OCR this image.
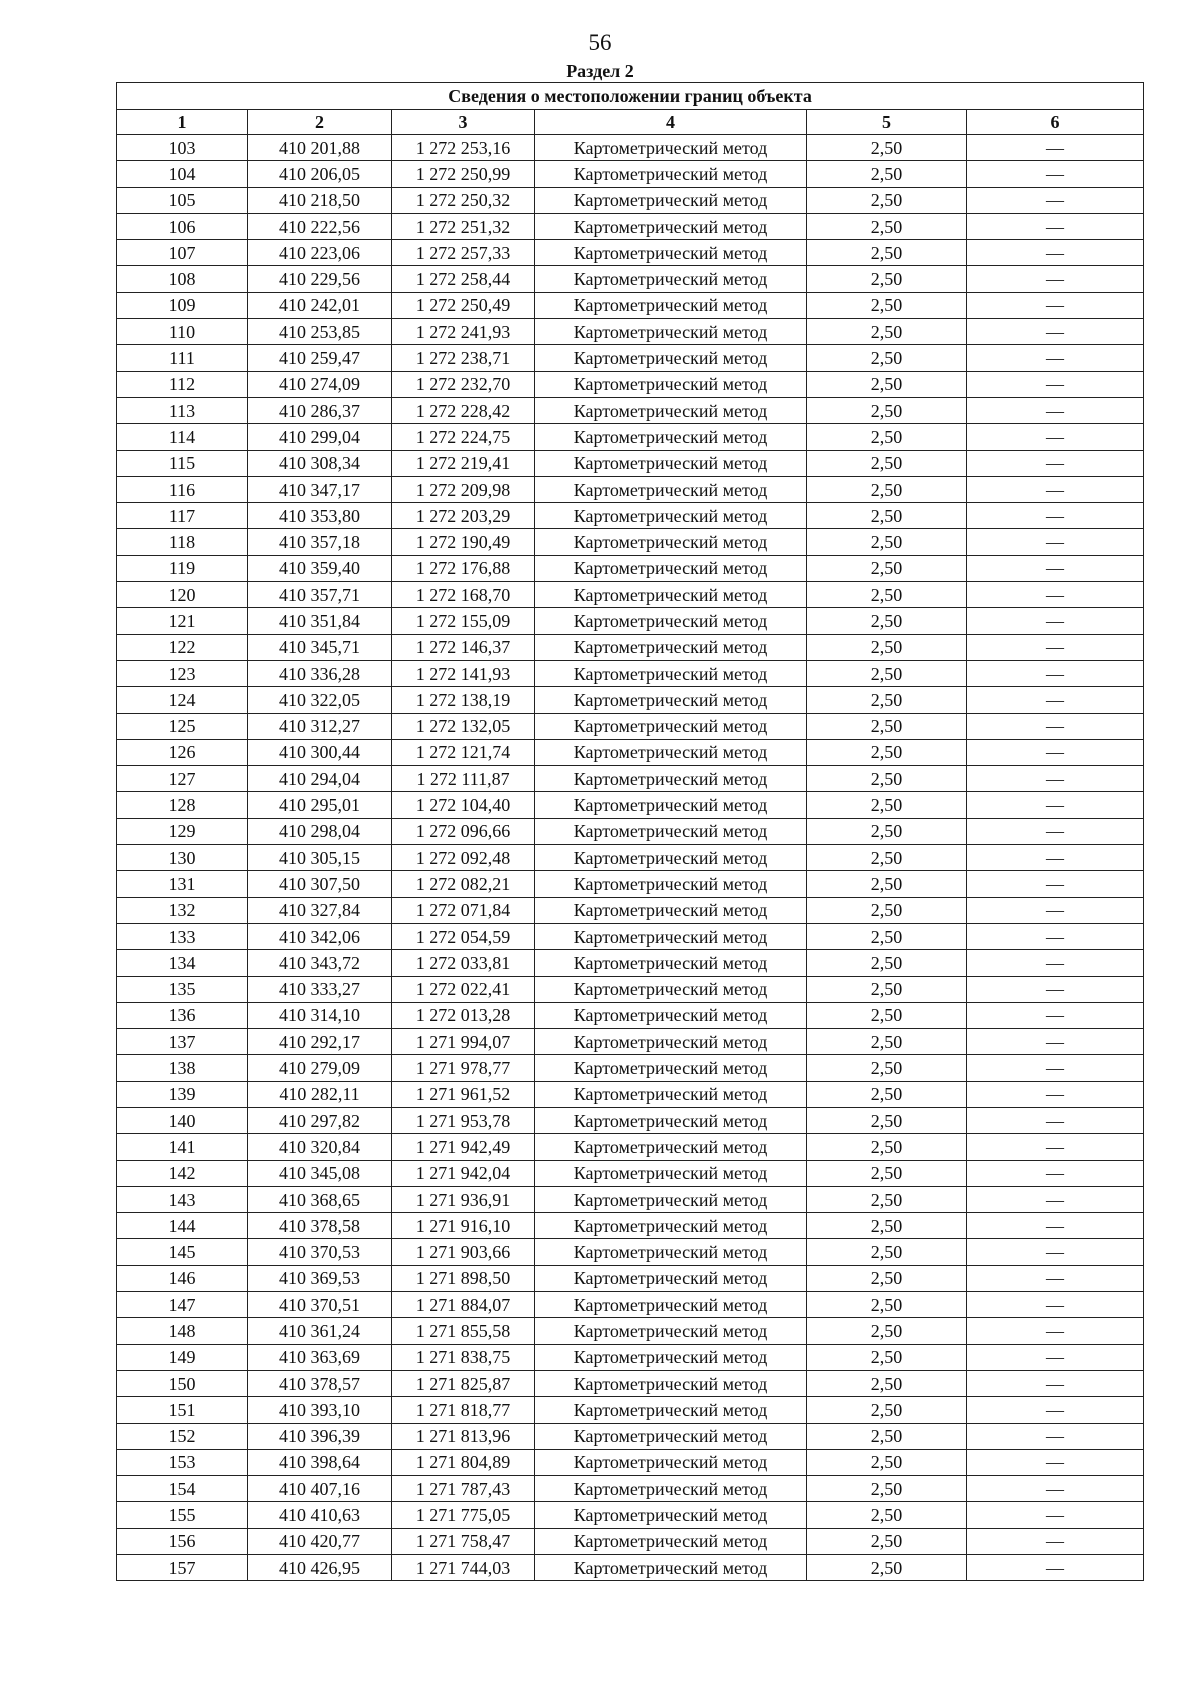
56
Раздел 2
Сведения о местоположении границ объекта					
1	2	3	4	5	6
103	410 201,88	1 272 253,16	Картометрический метод	2,50	—
104	410 206,05	1 272 250,99	Картометрический метод	2,50	—
105	410 218,50	1 272 250,32	Картометрический метод	2,50	—
106	410 222,56	1 272 251,32	Картометрический метод	2,50	—
107	410 223,06	1 272 257,33	Картометрический метод	2,50	—
108	410 229,56	1 272 258,44	Картометрический метод	2,50	—
109	410 242,01	1 272 250,49	Картометрический метод	2,50	—
110	410 253,85	1 272 241,93	Картометрический метод	2,50	—
111	410 259,47	1 272 238,71	Картометрический метод	2,50	—
112	410 274,09	1 272 232,70	Картометрический метод	2,50	—
113	410 286,37	1 272 228,42	Картометрический метод	2,50	—
114	410 299,04	1 272 224,75	Картометрический метод	2,50	—
115	410 308,34	1 272 219,41	Картометрический метод	2,50	—
116	410 347,17	1 272 209,98	Картометрический метод	2,50	—
117	410 353,80	1 272 203,29	Картометрический метод	2,50	—
118	410 357,18	1 272 190,49	Картометрический метод	2,50	—
119	410 359,40	1 272 176,88	Картометрический метод	2,50	—
120	410 357,71	1 272 168,70	Картометрический метод	2,50	—
121	410 351,84	1 272 155,09	Картометрический метод	2,50	—
122	410 345,71	1 272 146,37	Картометрический метод	2,50	—
123	410 336,28	1 272 141,93	Картометрический метод	2,50	—
124	410 322,05	1 272 138,19	Картометрический метод	2,50	—
125	410 312,27	1 272 132,05	Картометрический метод	2,50	—
126	410 300,44	1 272 121,74	Картометрический метод	2,50	—
127	410 294,04	1 272 111,87	Картометрический метод	2,50	—
128	410 295,01	1 272 104,40	Картометрический метод	2,50	—
129	410 298,04	1 272 096,66	Картометрический метод	2,50	—
130	410 305,15	1 272 092,48	Картометрический метод	2,50	—
131	410 307,50	1 272 082,21	Картометрический метод	2,50	—
132	410 327,84	1 272 071,84	Картометрический метод	2,50	—
133	410 342,06	1 272 054,59	Картометрический метод	2,50	—
134	410 343,72	1 272 033,81	Картометрический метод	2,50	—
135	410 333,27	1 272 022,41	Картометрический метод	2,50	—
136	410 314,10	1 272 013,28	Картометрический метод	2,50	—
137	410 292,17	1 271 994,07	Картометрический метод	2,50	—
138	410 279,09	1 271 978,77	Картометрический метод	2,50	—
139	410 282,11	1 271 961,52	Картометрический метод	2,50	—
140	410 297,82	1 271 953,78	Картометрический метод	2,50	—
141	410 320,84	1 271 942,49	Картометрический метод	2,50	—
142	410 345,08	1 271 942,04	Картометрический метод	2,50	—
143	410 368,65	1 271 936,91	Картометрический метод	2,50	—
144	410 378,58	1 271 916,10	Картометрический метод	2,50	—
145	410 370,53	1 271 903,66	Картометрический метод	2,50	—
146	410 369,53	1 271 898,50	Картометрический метод	2,50	—
147	410 370,51	1 271 884,07	Картометрический метод	2,50	—
148	410 361,24	1 271 855,58	Картометрический метод	2,50	—
149	410 363,69	1 271 838,75	Картометрический метод	2,50	—
150	410 378,57	1 271 825,87	Картометрический метод	2,50	—
151	410 393,10	1 271 818,77	Картометрический метод	2,50	—
152	410 396,39	1 271 813,96	Картометрический метод	2,50	—
153	410 398,64	1 271 804,89	Картометрический метод	2,50	—
154	410 407,16	1 271 787,43	Картометрический метод	2,50	—
155	410 410,63	1 271 775,05	Картометрический метод	2,50	—
156	410 420,77	1 271 758,47	Картометрический метод	2,50	—
157	410 426,95	1 271 744,03	Картометрический метод	2,50	—
